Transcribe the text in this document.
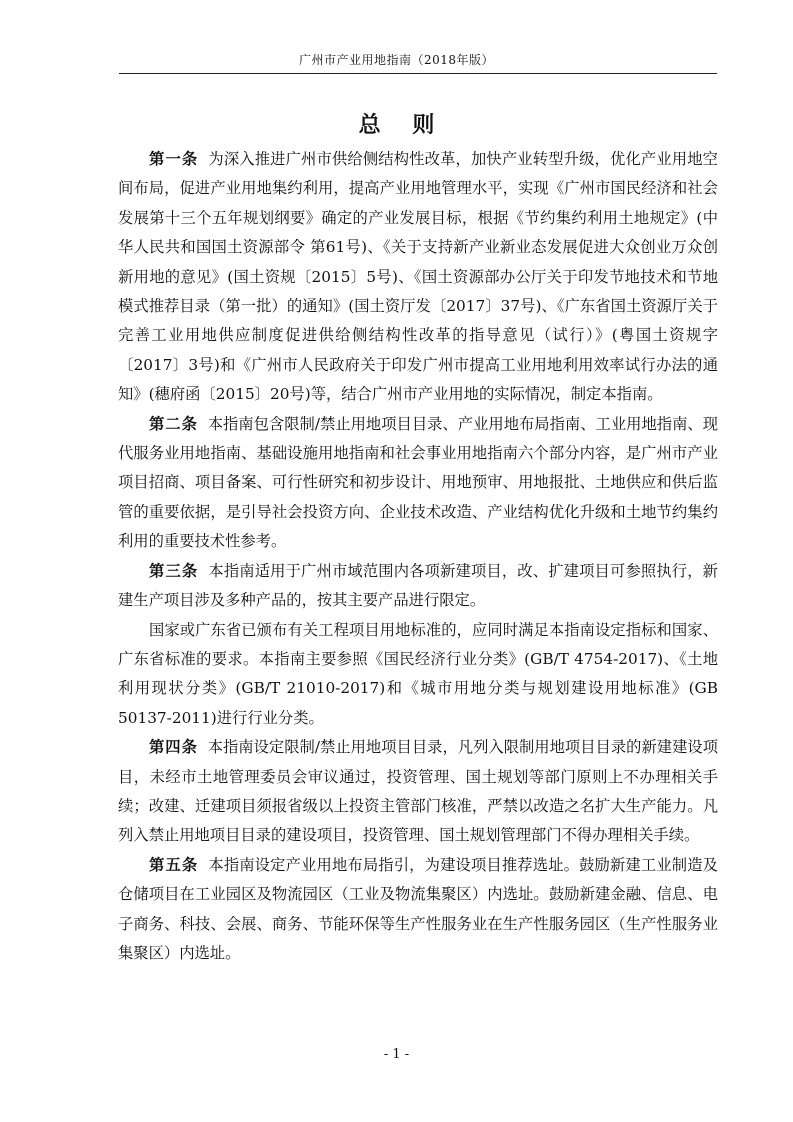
广州市产业用地指南（2018年版）
总 则

第一条 为深入推进广州市供给侧结构性改革，加快产业转型升级，优化产业用地空间布局，促进产业用地集约利用，提高产业用地管理水平，实现《广州市国民经济和社会发展第十三个五年规划纲要》确定的产业发展目标，根据《节约集约利用土地规定》(中华人民共和国国土资源部令 第61号)、《关于支持新产业新业态发展促进大众创业万众创新用地的意见》(国土资规〔2015〕5号)、《国土资源部办公厅关于印发节地技术和节地模式推荐目录（第一批）的通知》(国土资厅发〔2017〕37号)、《广东省国土资源厅关于完善工业用地供应制度促进供给侧结构性改革的指导意见（试行）》(粤国土资规字〔2017〕3号)和《广州市人民政府关于印发广州市提高工业用地利用效率试行办法的通知》(穗府函〔2015〕20号)等，结合广州市产业用地的实际情况，制定本指南。

第二条 本指南包含限制/禁止用地项目目录、产业用地布局指南、工业用地指南、现代服务业用地指南、基础设施用地指南和社会事业用地指南六个部分内容，是广州市产业项目招商、项目备案、可行性研究和初步设计、用地预审、用地报批、土地供应和供后监管的重要依据，是引导社会投资方向、企业技术改造、产业结构优化升级和土地节约集约利用的重要技术性参考。

第三条 本指南适用于广州市域范围内各项新建项目，改、扩建项目可参照执行，新建生产项目涉及多种产品的，按其主要产品进行限定。

国家或广东省已颁布有关工程项目用地标准的，应同时满足本指南设定指标和国家、广东省标准的要求。本指南主要参照《国民经济行业分类》(GB/T 4754-2017)、《土地利用现状分类》(GB/T 21010-2017)和《城市用地分类与规划建设用地标准》(GB 50137-2011)进行行业分类。

第四条 本指南设定限制/禁止用地项目目录，凡列入限制用地项目目录的新建建设项目，未经市土地管理委员会审议通过，投资管理、国土规划等部门原则上不办理相关手续；改建、迁建项目须报省级以上投资主管部门核准，严禁以改造之名扩大生产能力。凡列入禁止用地项目目录的建设项目，投资管理、国土规划管理部门不得办理相关手续。

第五条 本指南设定产业用地布局指引，为建设项目推荐选址。鼓励新建工业制造及仓储项目在工业园区及物流园区（工业及物流集聚区）内选址。鼓励新建金融、信息、电子商务、科技、会展、商务、节能环保等生产性服务业在生产性服务园区（生产性服务业集聚区）内选址。

- 1 -
